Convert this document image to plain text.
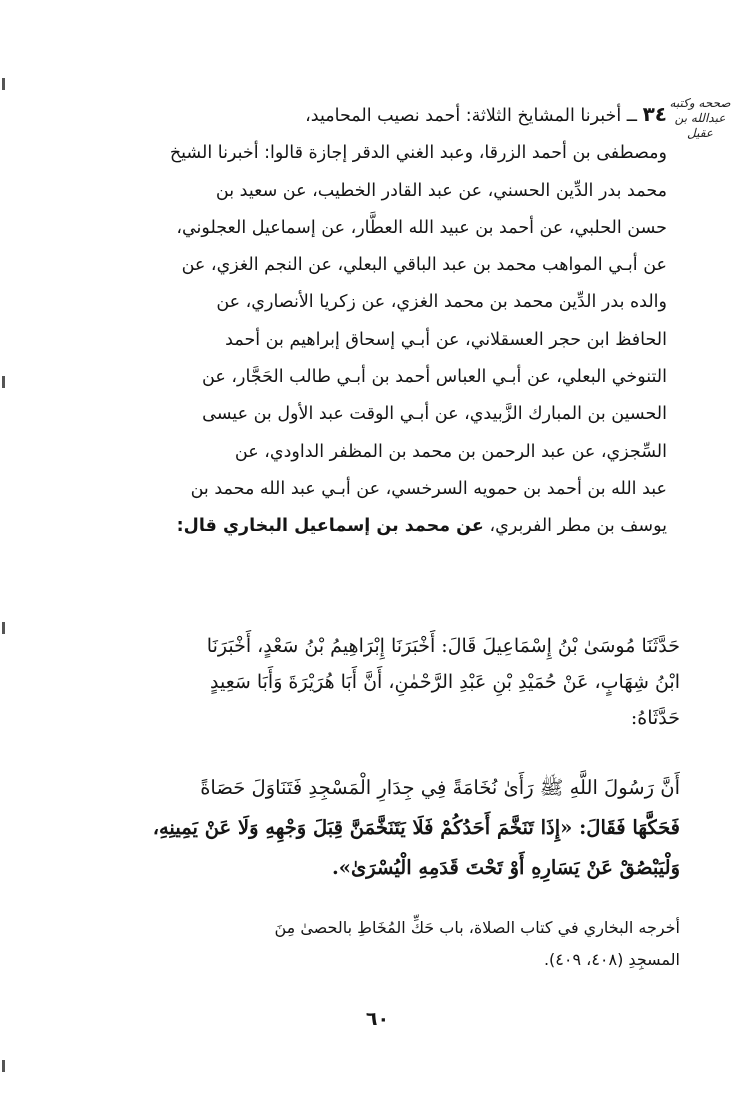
صححه وكتبه
عبدالله بن عقيل
٣٤ ــ أخبرنا المشايخ الثلاثة: أحمد نصيب المحاميد،
ومصطفى بن أحمد الزرقا، وعبد الغني الدقر إجازة قالوا: أخبرنا الشيخ
محمد بدر الدِّين الحسني، عن عبد القادر الخطيب، عن سعيد بن
حسن الحلبي، عن أحمد بن عبيد الله العطَّار، عن إسماعيل العجلوني،
عن أبـي المواهب محمد بن عبد الباقي البعلي، عن النجم الغزي، عن
والده بدر الدِّين محمد بن محمد الغزي، عن زكريا الأنصاري، عن
الحافظ ابن حجر العسقلاني، عن أبـي إسحاق إبراهيم بن أحمد
التنوخي البعلي، عن أبـي العباس أحمد بن أبـي طالب الحَجَّار، عن
الحسين بن المبارك الزَّبيدي، عن أبـي الوقت عبد الأول بن عيسى
السِّجزي، عن عبد الرحمن بن محمد بن المظفر الداودي، عن
عبد الله بن أحمد بن حمويه السرخسي، عن أبـي عبد الله محمد بن
يوسف بن مطر الفربري، عن محمد بن إسماعيل البخاري قال:
حَدَّثَنَا مُوسَىٰ بْنُ إِسْمَاعِيلَ قَالَ: أَخْبَرَنَا إِبْرَاهِيمُ بْنُ سَعْدٍ، أَخْبَرَنَا
ابْنُ شِهَابٍ، عَنْ حُمَيْدِ بْنِ عَبْدِ الرَّحْمٰنِ، أَنَّ أَبَا هُرَيْرَةَ وَأَبَا سَعِيدٍ
حَدَّثَاهُ:
أَنَّ رَسُولَ اللَّهِ ﷺ رَأَىٰ نُخَامَةً فِي جِدَارِ الْمَسْجِدِ فَتَنَاوَلَ حَصَاةً
فَحَكَّهَا فَقَالَ: «إِذَا تَنَخَّمَ أَحَدُكُمْ فَلَا يَتَنَخَّمَنَّ قِبَلَ وَجْهِهِ وَلَا عَنْ يَمِينِهِ،
وَلْيَبْصُقْ عَنْ يَسَارِهِ أَوْ تَحْتَ قَدَمِهِ الْيُسْرَىٰ».
أخرجه البخاري في كتاب الصلاة، باب حَكِّ المُخَاطِ بالحصىٰ مِنَ
المسجِدِ (٤٠٨، ٤٠٩).
٦٠
